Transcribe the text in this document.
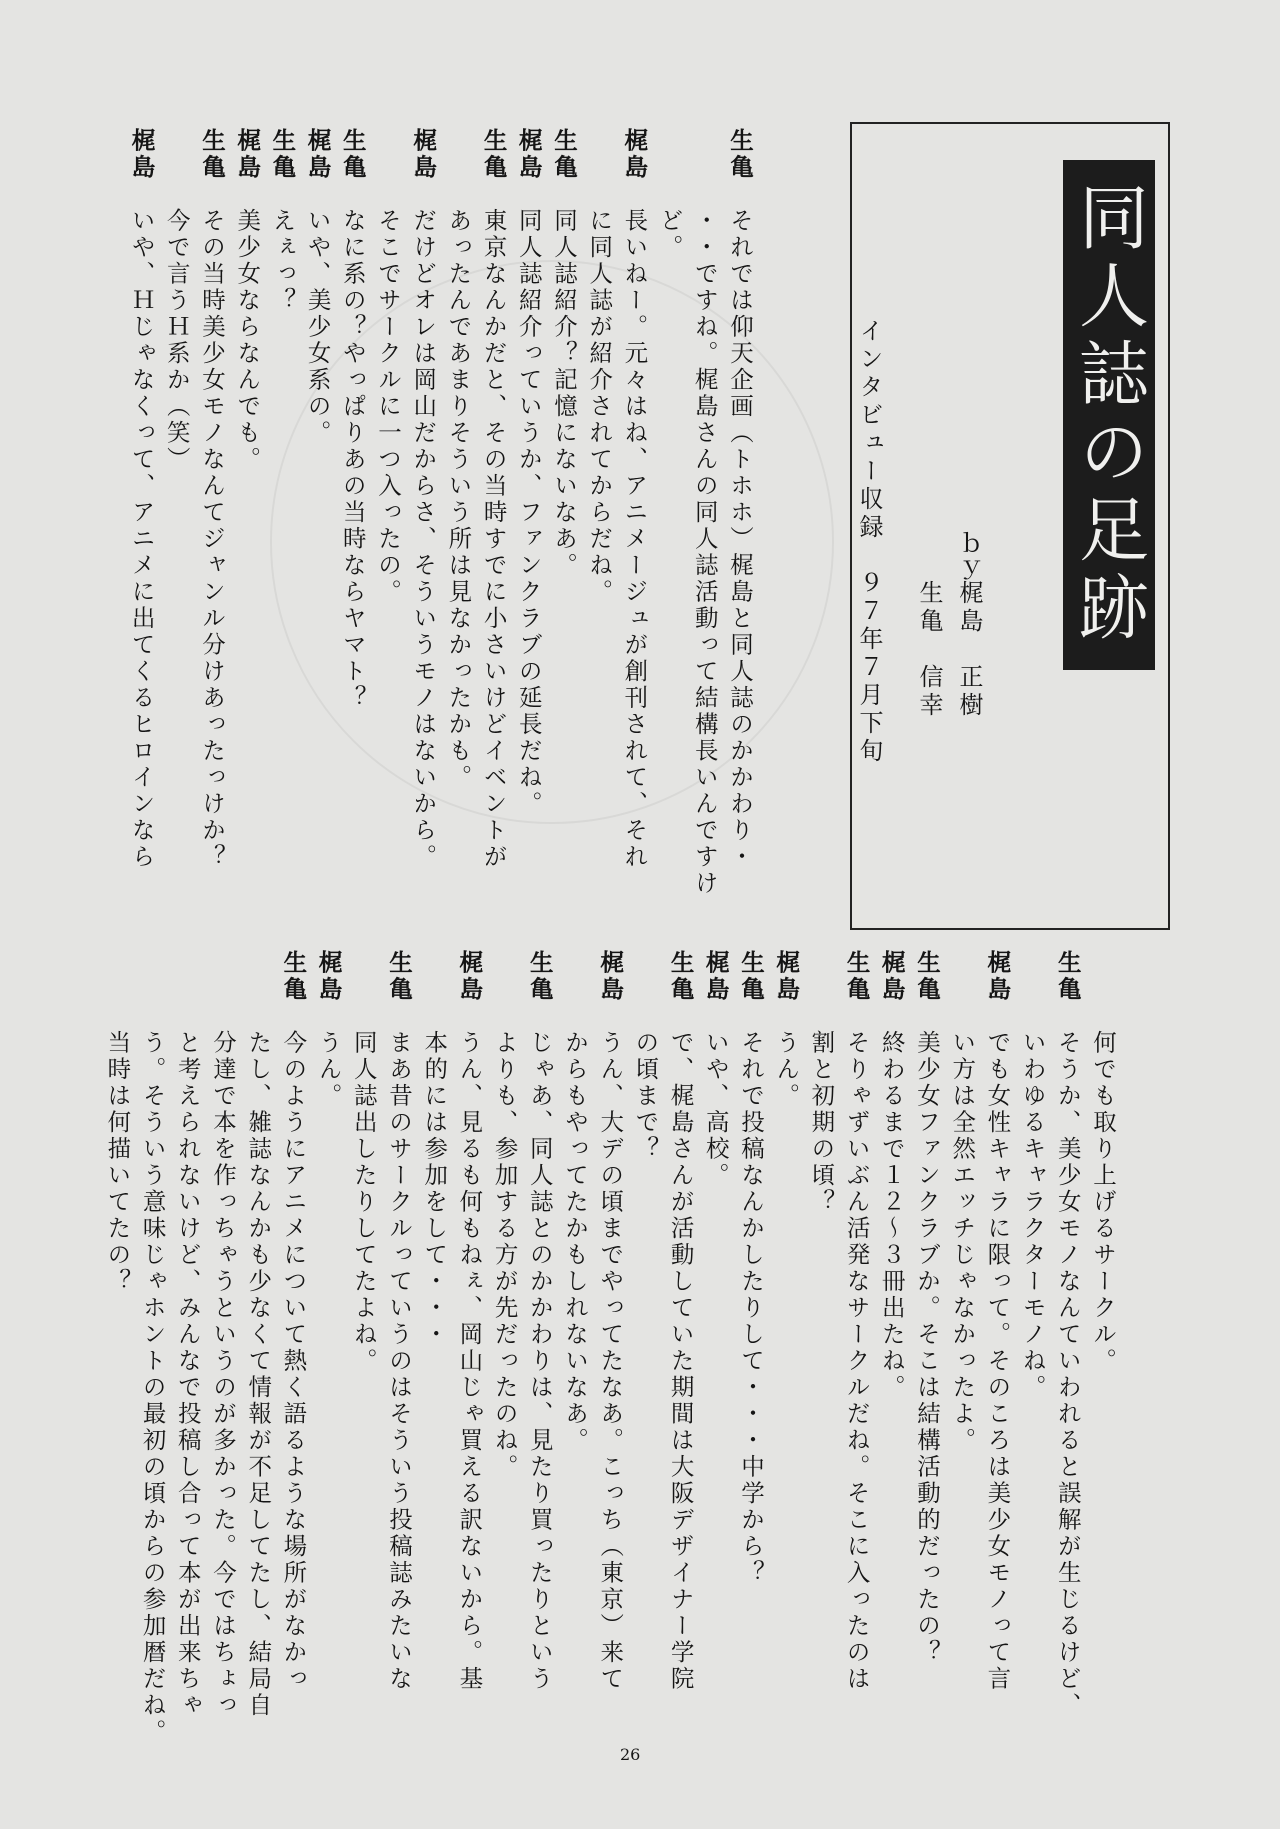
同人誌の足跡
ｂｙ
梶島　正樹
生亀　信幸
インタビュー収録　９７年７月下旬
生亀それでは仰天企画（トホホ）梶島と同人誌のかかわり・
・・ですね。梶島さんの同人誌活動って結構長いんですけ
ど。
梶島長いねー。元々はね、アニメージュが創刊されて、それ
に同人誌が紹介されてからだね。
生亀同人誌紹介？記憶にないなあ。
梶島同人誌紹介っていうか、ファンクラブの延長だね。
生亀東京なんかだと、その当時すでに小さいけどイベントが
あったんであまりそういう所は見なかったかも。
梶島だけどオレは岡山だからさ、そういうモノはないから。
そこでサークルに一つ入ったの。
生亀なに系の？やっぱりあの当時ならヤマト？
梶島いや、美少女系の。
生亀えぇっ？
梶島美少女ならなんでも。
生亀その当時美少女モノなんてジャンル分けあったっけか？
今で言うＨ系か（笑）
梶島いや、Ｈじゃなくって、アニメに出てくるヒロインなら
何でも取り上げるサークル。
生亀そうか、美少女モノなんていわれると誤解が生じるけど、
いわゆるキャラクターモノね。
梶島でも女性キャラに限って。そのころは美少女モノって言
い方は全然エッチじゃなかったよ。
生亀美少女ファンクラブか。そこは結構活動的だったの？
梶島終わるまで１２～３冊出たね。
生亀そりゃずいぶん活発なサークルだね。そこに入ったのは
割と初期の頃？
梶島うん。
生亀それで投稿なんかしたりして・・・中学から？
梶島いや、高校。
生亀で、梶島さんが活動していた期間は大阪デザイナー学院
の頃まで？
梶島うん、大デの頃までやってたなあ。こっち（東京）来て
からもやってたかもしれないなあ。
生亀じゃあ、同人誌とのかかわりは、見たり買ったりという
よりも、参加する方が先だったのね。
梶島うん、見るも何もねぇ、岡山じゃ買える訳ないから。基
本的には参加をして・・・
生亀まあ昔のサークルっていうのはそういう投稿誌みたいな
同人誌出したりしてたよね。
梶島うん。
生亀今のようにアニメについて熱く語るような場所がなかっ
たし、雑誌なんかも少なくて情報が不足してたし、結局自
分達で本を作っちゃうというのが多かった。今ではちょっ
と考えられないけど、みんなで投稿し合って本が出来ちゃ
う。そういう意味じゃホントの最初の頃からの参加暦だね。
当時は何描いてたの？
26
